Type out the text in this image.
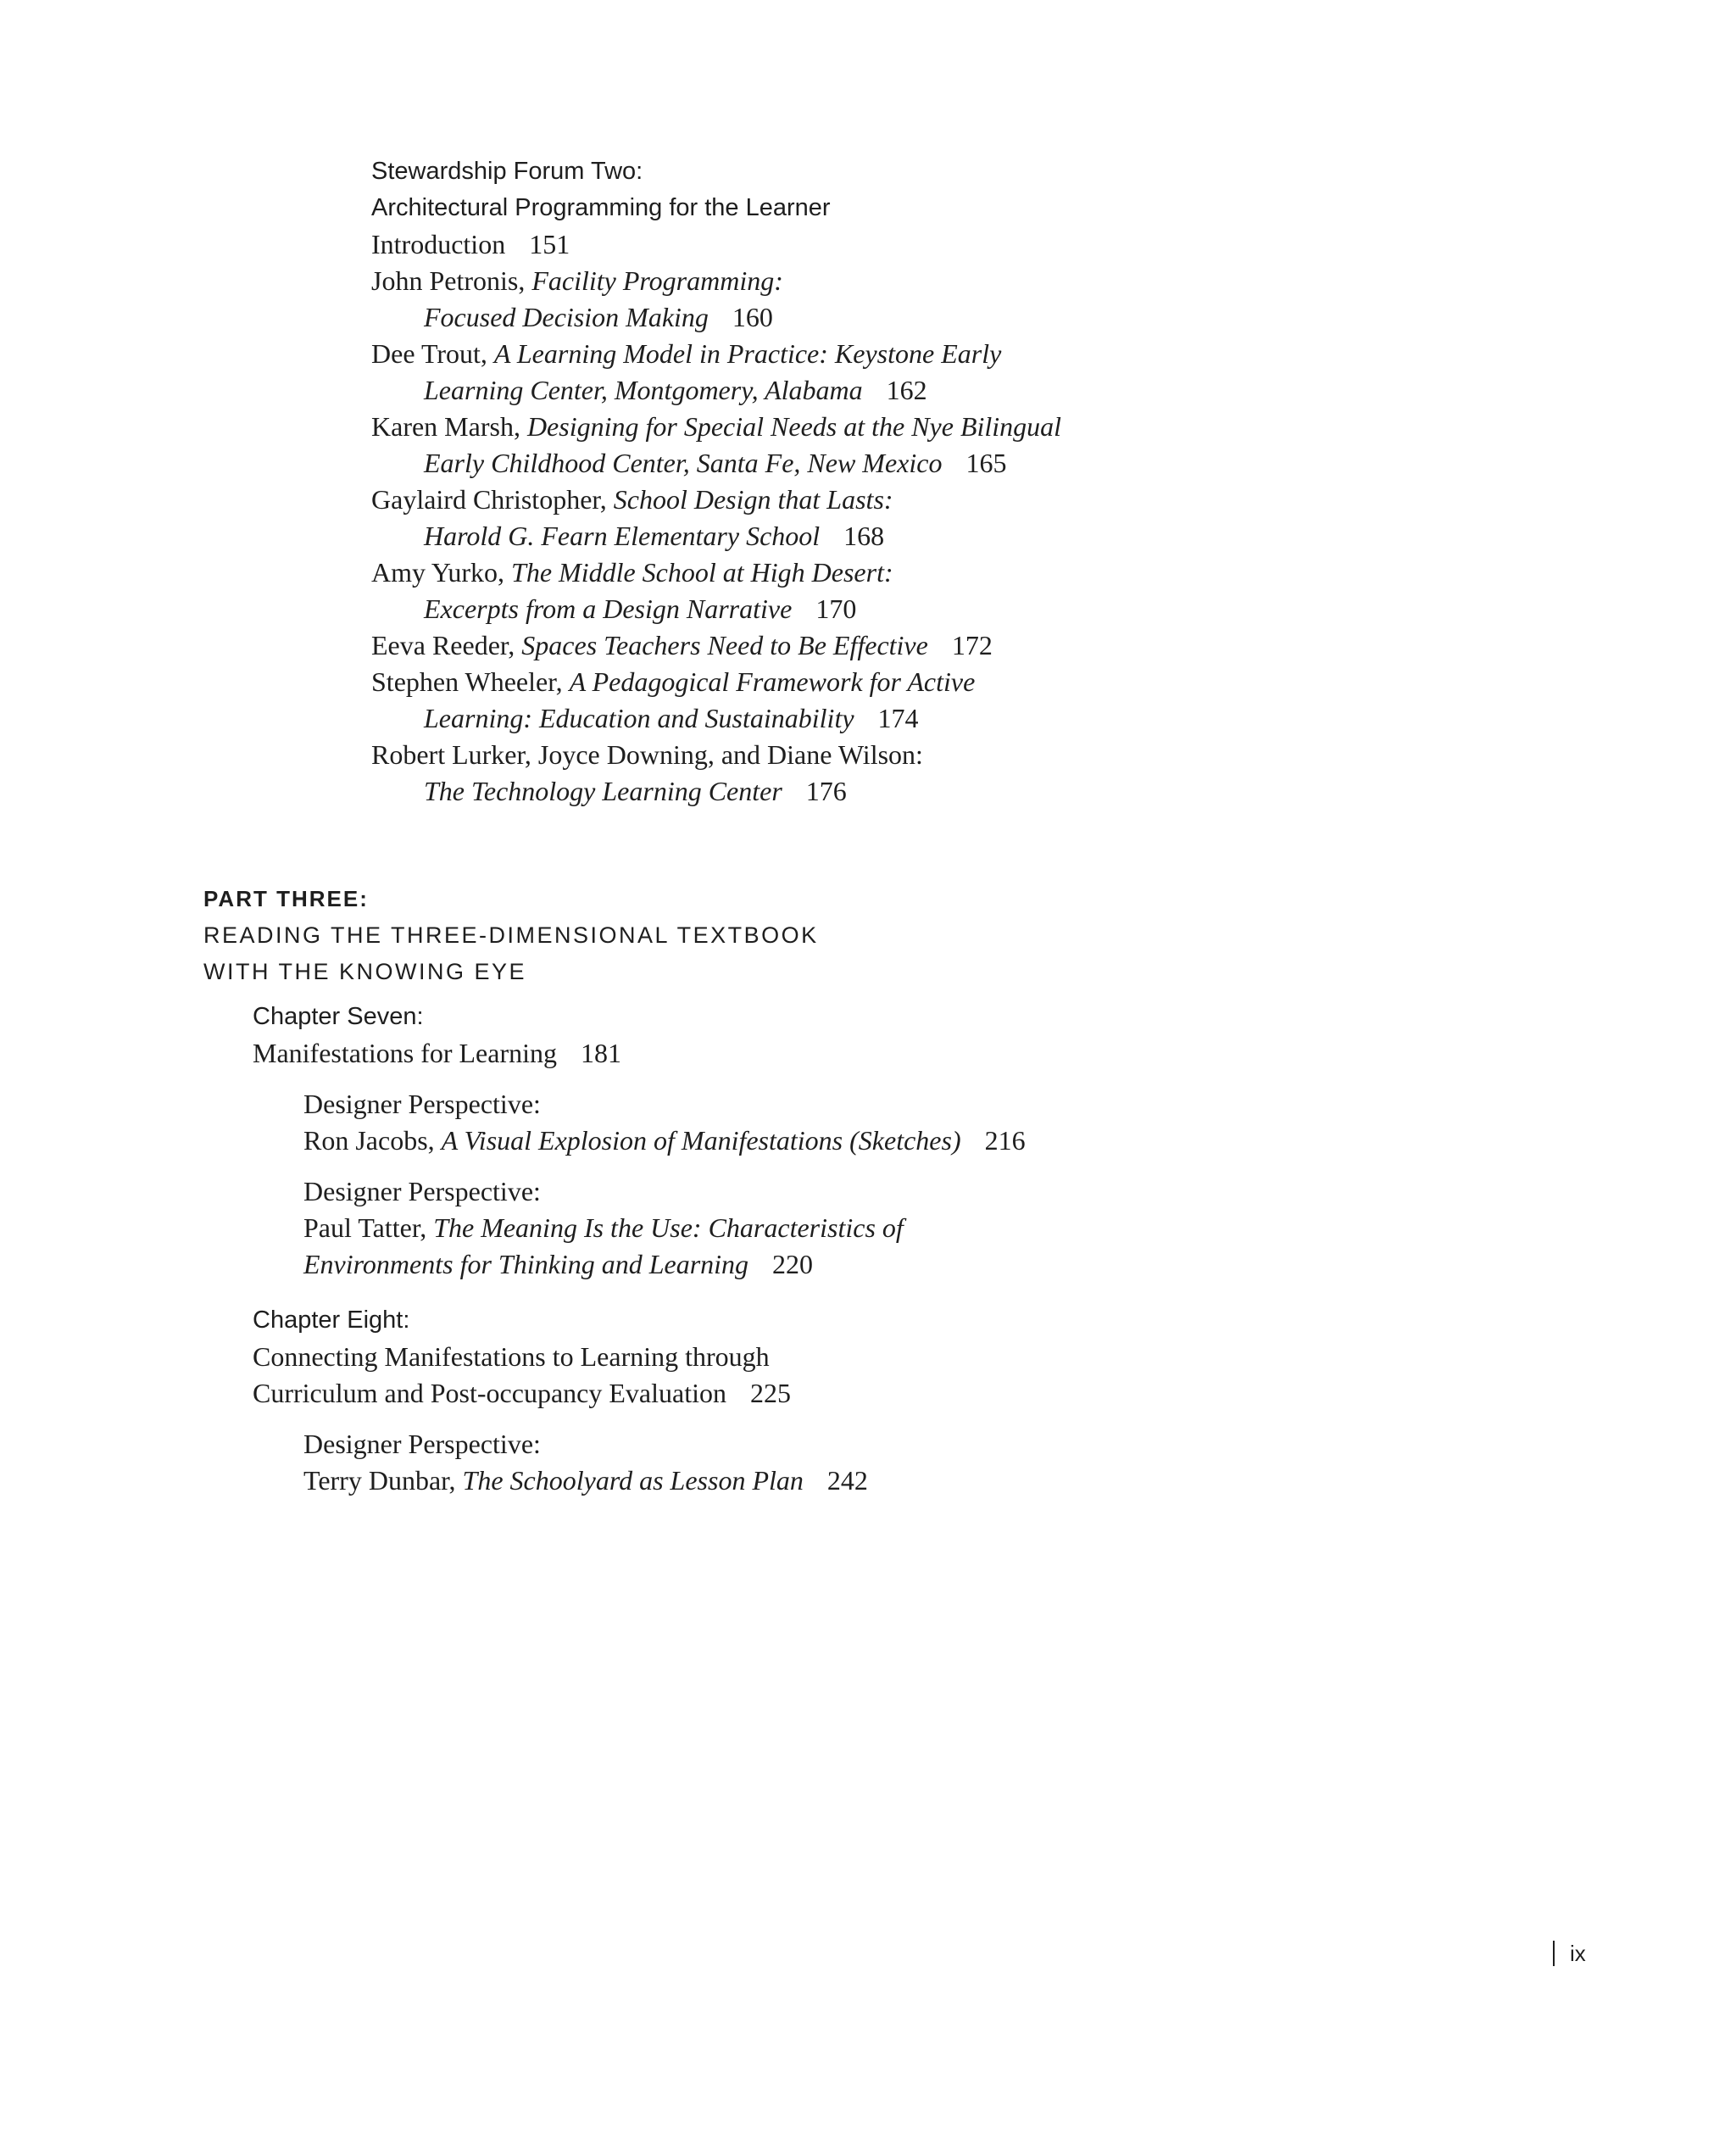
Stewardship Forum Two:
Architectural Programming for the Learner
Introduction 151
John Petronis, Facility Programming:
Focused Decision Making 160
Dee Trout, A Learning Model in Practice: Keystone Early
Learning Center, Montgomery, Alabama 162
Karen Marsh, Designing for Special Needs at the Nye Bilingual
Early Childhood Center, Santa Fe, New Mexico 165
Gaylaird Christopher, School Design that Lasts:
Harold G. Fearn Elementary School 168
Amy Yurko, The Middle School at High Desert:
Excerpts from a Design Narrative 170
Eeva Reeder, Spaces Teachers Need to Be Effective 172
Stephen Wheeler, A Pedagogical Framework for Active
Learning: Education and Sustainability 174
Robert Lurker, Joyce Downing, and Diane Wilson:
The Technology Learning Center 176
PART THREE:
READING THE THREE-DIMENSIONAL TEXTBOOK
WITH THE KNOWING EYE
Chapter Seven:
Manifestations for Learning 181
Designer Perspective:
Ron Jacobs, A Visual Explosion of Manifestations (Sketches) 216
Designer Perspective:
Paul Tatter, The Meaning Is the Use: Characteristics of
Environments for Thinking and Learning 220
Chapter Eight:
Connecting Manifestations to Learning through
Curriculum and Post-occupancy Evaluation 225
Designer Perspective:
Terry Dunbar, The Schoolyard as Lesson Plan 242
ix
